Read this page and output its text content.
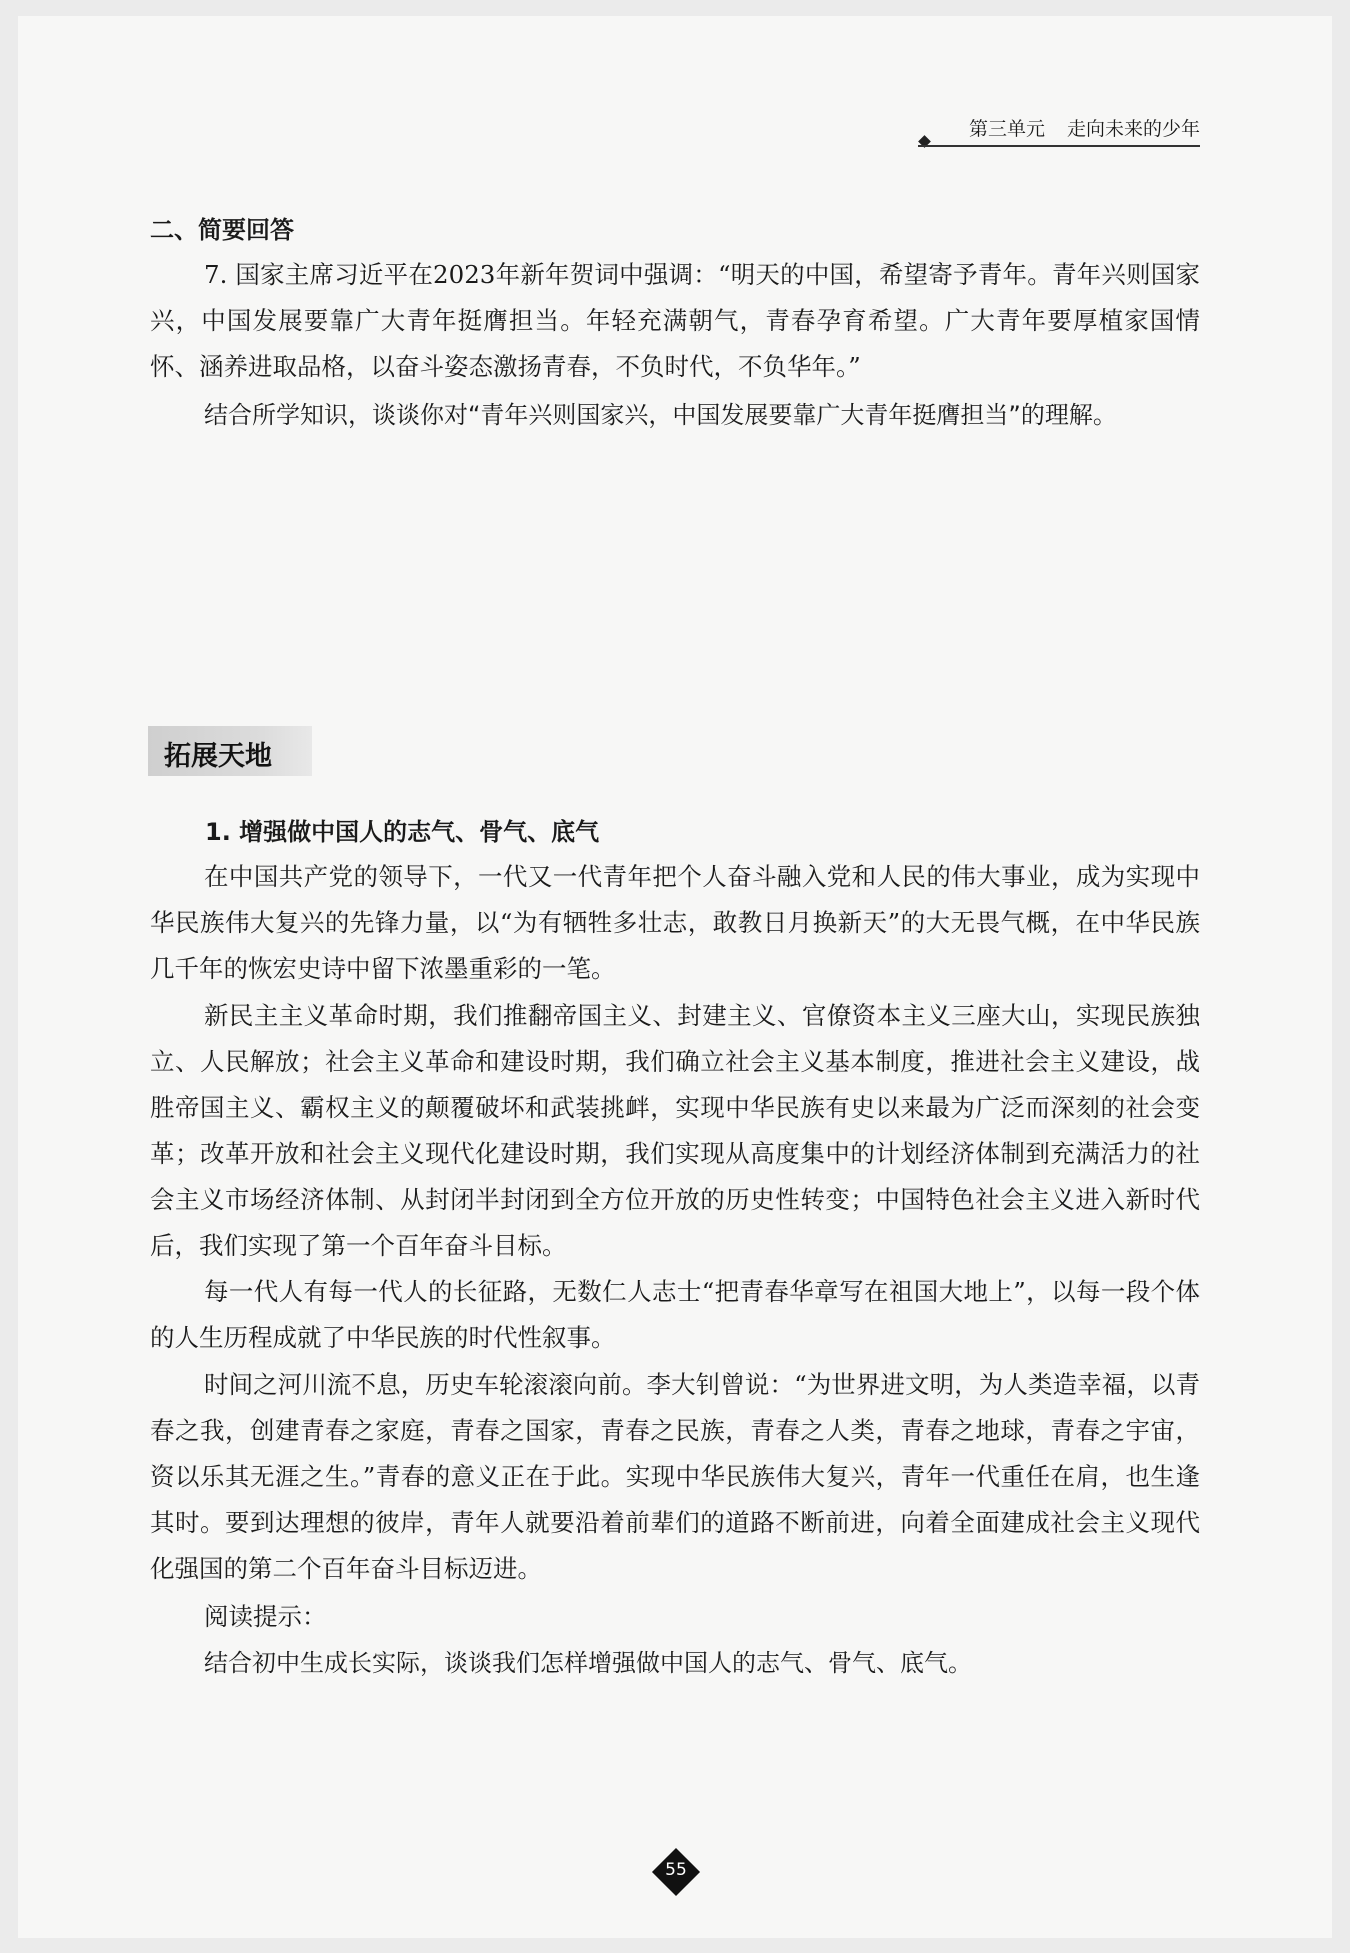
第三单元 走向未来的少年
二、简要回答

7. 国家主席习近平在2023年新年贺词中强调：“明天的中国，希望寄予青年。青年兴则国家兴，中国发展要靠广大青年挺膺担当。年轻充满朝气，青春孕育希望。广大青年要厚植家国情怀、涵养进取品格，以奋斗姿态激扬青春，不负时代，不负华年。”

结合所学知识，谈谈你对“青年兴则国家兴，中国发展要靠广大青年挺膺担当”的理解。

拓展天地
1. 增强做中国人的志气、骨气、底气

在中国共产党的领导下，一代又一代青年把个人奋斗融入党和人民的伟大事业，成为实现中华民族伟大复兴的先锋力量，以“为有牺牲多壮志，敢教日月换新天”的大无畏气概，在中华民族几千年的恢宏史诗中留下浓墨重彩的一笔。

新民主主义革命时期，我们推翻帝国主义、封建主义、官僚资本主义三座大山，实现民族独立、人民解放；社会主义革命和建设时期，我们确立社会主义基本制度，推进社会主义建设，战胜帝国主义、霸权主义的颠覆破坏和武装挑衅，实现中华民族有史以来最为广泛而深刻的社会变革；改革开放和社会主义现代化建设时期，我们实现从高度集中的计划经济体制到充满活力的社会主义市场经济体制、从封闭半封闭到全方位开放的历史性转变；中国特色社会主义进入新时代后，我们实现了第一个百年奋斗目标。

每一代人有每一代人的长征路，无数仁人志士“把青春华章写在祖国大地上”，以每一段个体的人生历程成就了中华民族的时代性叙事。

时间之河川流不息，历史车轮滚滚向前。李大钊曾说：“为世界进文明，为人类造幸福，以青春之我，创建青春之家庭，青春之国家，青春之民族，青春之人类，青春之地球，青春之宇宙，资以乐其无涯之生。”青春的意义正在于此。实现中华民族伟大复兴，青年一代重任在肩，也生逢其时。要到达理想的彼岸，青年人就要沿着前辈们的道路不断前进，向着全面建成社会主义现代化强国的第二个百年奋斗目标迈进。

阅读提示：

结合初中生成长实际，谈谈我们怎样增强做中国人的志气、骨气、底气。

55
